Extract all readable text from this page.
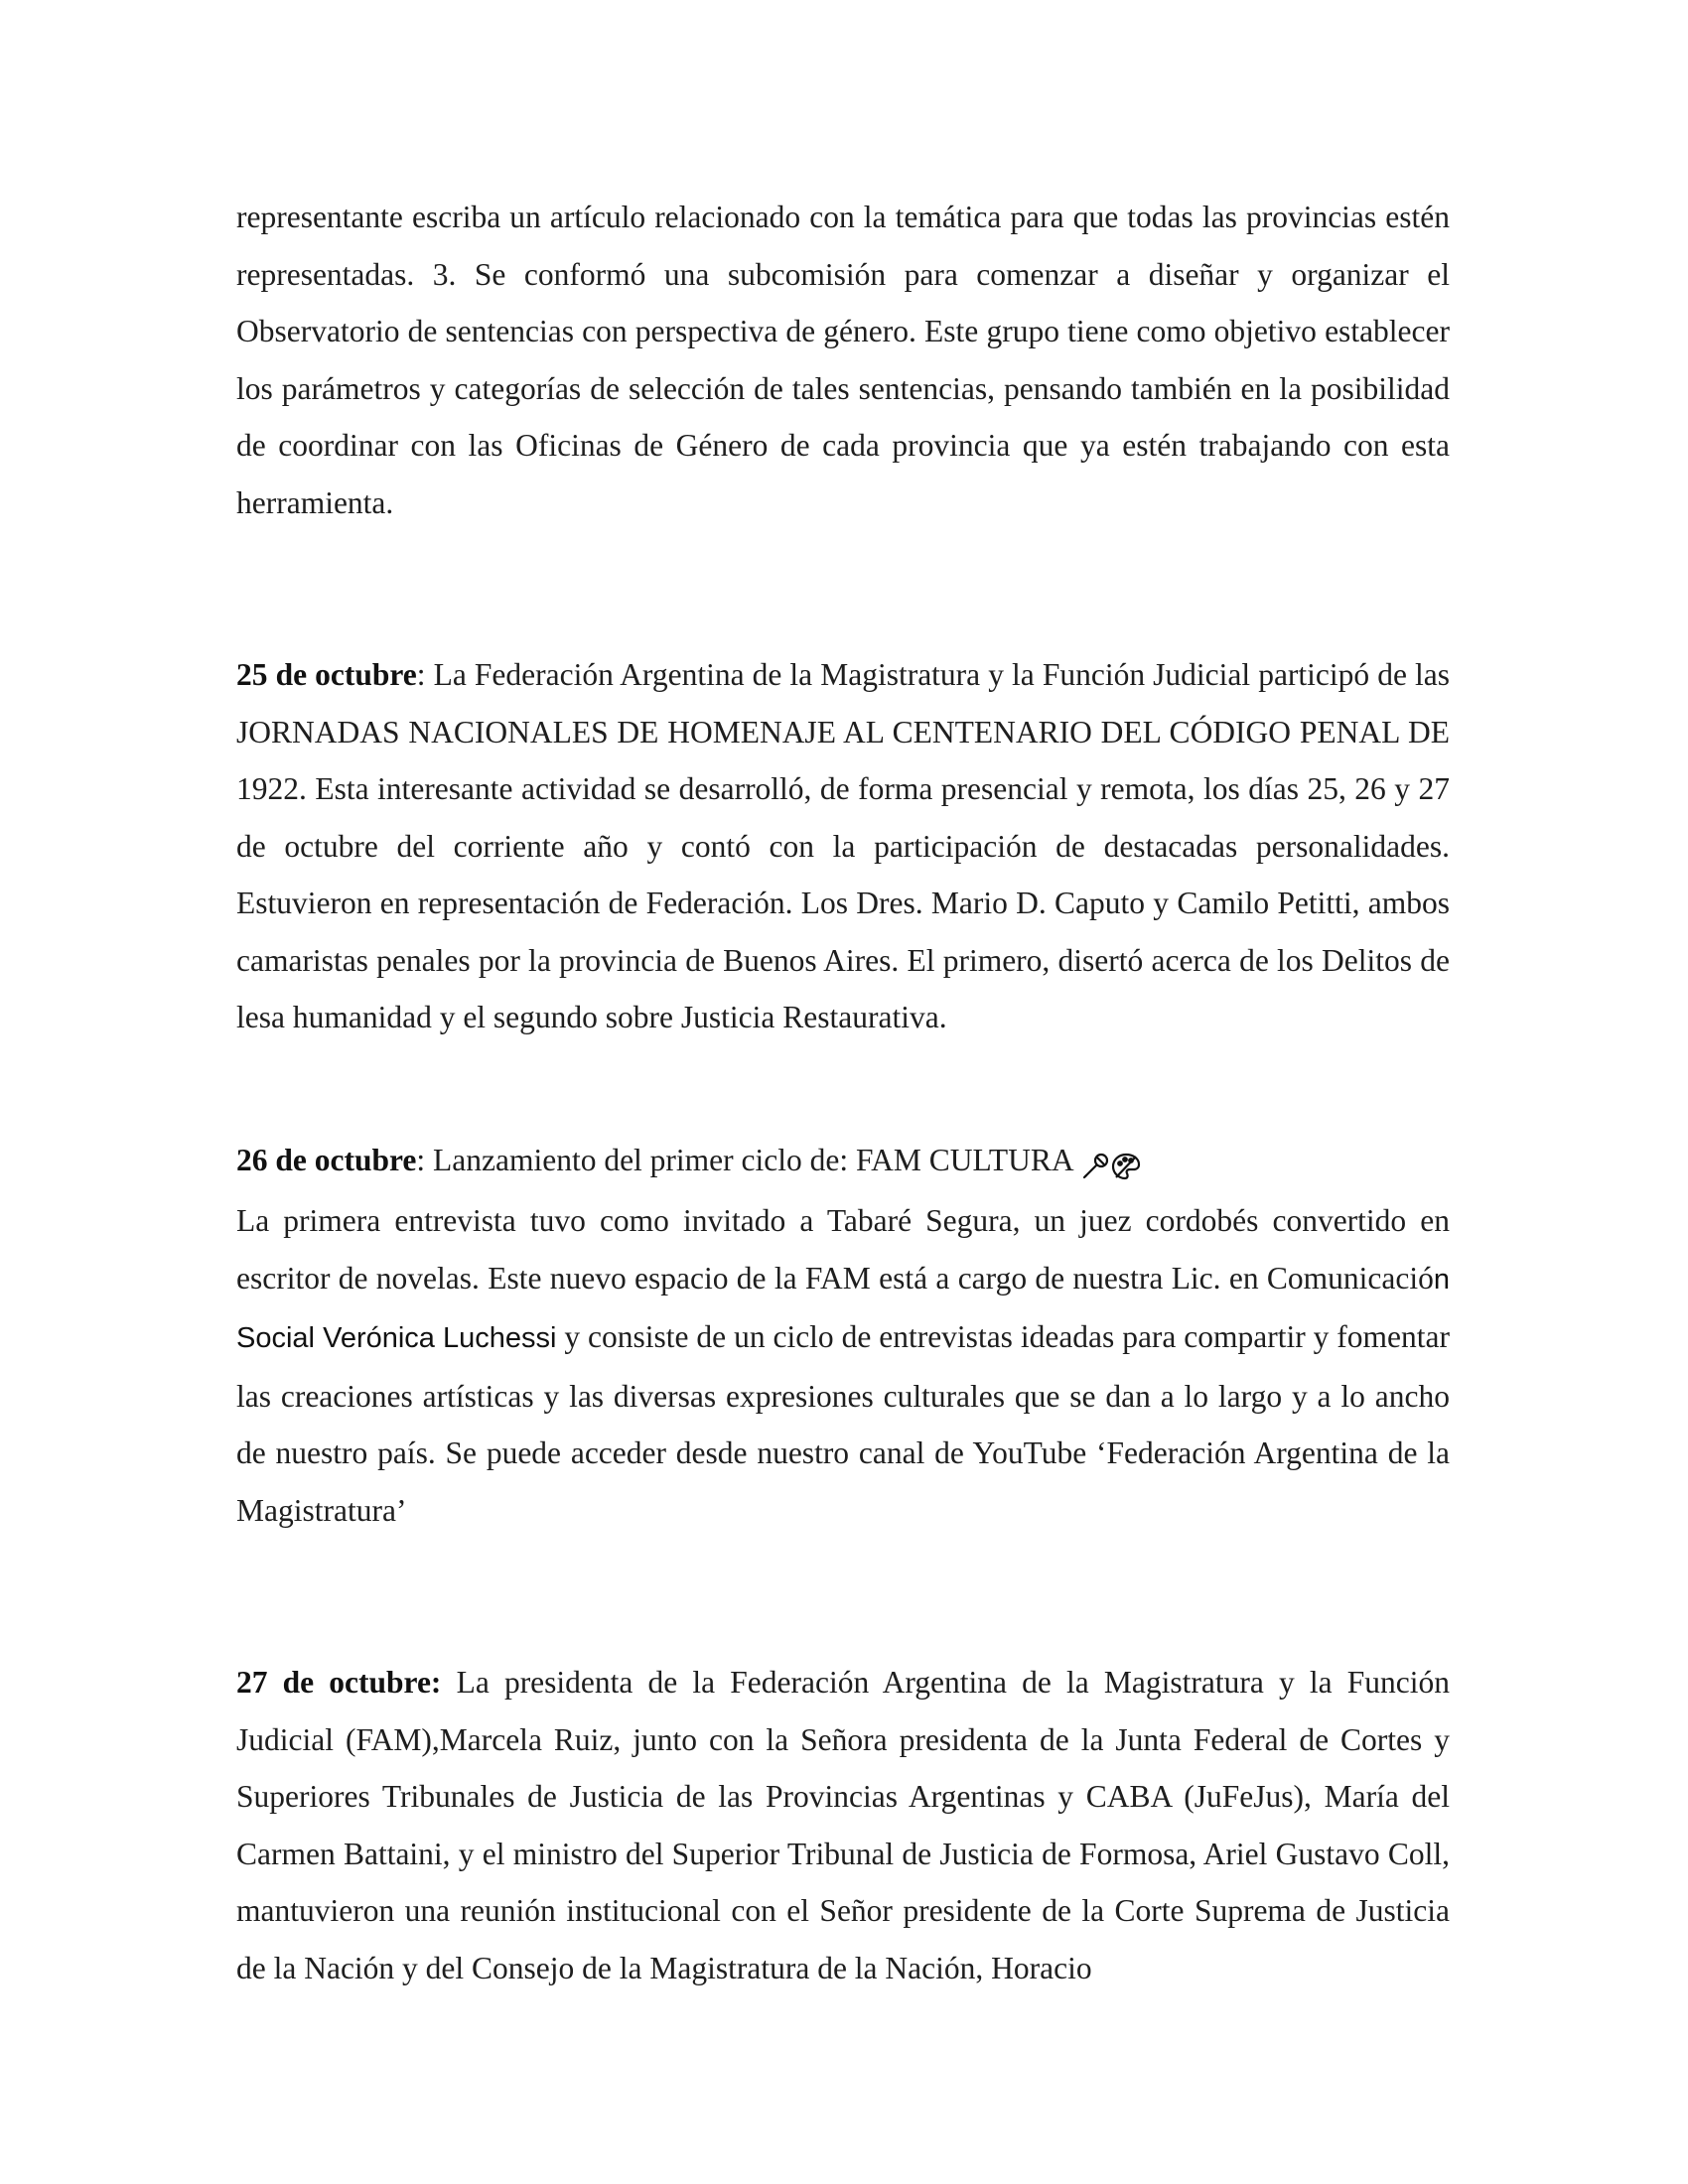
representante escriba un artículo relacionado con la temática para que todas las provincias estén representadas. 3. Se conformó una subcomisión para comenzar a diseñar y organizar el Observatorio de sentencias con perspectiva de género. Este grupo tiene como objetivo establecer los parámetros y categorías de selección de tales sentencias, pensando también en la posibilidad de coordinar con las Oficinas de Género de cada provincia que ya estén trabajando con esta herramienta.

25 de octubre: La Federación Argentina de la Magistratura y la Función Judicial participó de las JORNADAS NACIONALES DE HOMENAJE AL CENTENARIO DEL CÓDIGO PENAL DE 1922. Esta interesante actividad se desarrolló, de forma presencial y remota, los días 25, 26 y 27 de octubre del corriente año y contó con la participación de destacadas personalidades. Estuvieron en representación de Federación. Los Dres. Mario D. Caputo y Camilo Petitti, ambos camaristas penales por la provincia de Buenos Aires. El primero, disertó acerca de los Delitos de lesa humanidad y el segundo sobre Justicia Restaurativa.

26 de octubre: Lanzamiento del primer ciclo de: FAM CULTURA
La primera entrevista tuvo como invitado a Tabaré Segura, un juez cordobés convertido en escritor de novelas. Este nuevo espacio de la FAM está a cargo de nuestra Lic. en Comunicación Social Verónica Luchessi y consiste de un ciclo de entrevistas ideadas para compartir y fomentar las creaciones artísticas y las diversas expresiones culturales que se dan a lo largo y a lo ancho de nuestro país. Se puede acceder desde nuestro canal de YouTube ‘Federación Argentina de la Magistratura’

27 de octubre: La presidenta de la Federación Argentina de la Magistratura y la Función Judicial (FAM),Marcela Ruiz, junto con la Señora presidenta de la Junta Federal de Cortes y Superiores Tribunales de Justicia de las Provincias Argentinas y CABA (JuFeJus), María del Carmen Battaini, y el ministro del Superior Tribunal de Justicia de Formosa, Ariel Gustavo Coll, mantuvieron una reunión institucional con el Señor presidente de la Corte Suprema de Justicia de la Nación y del Consejo de la Magistratura de la Nación, Horacio
